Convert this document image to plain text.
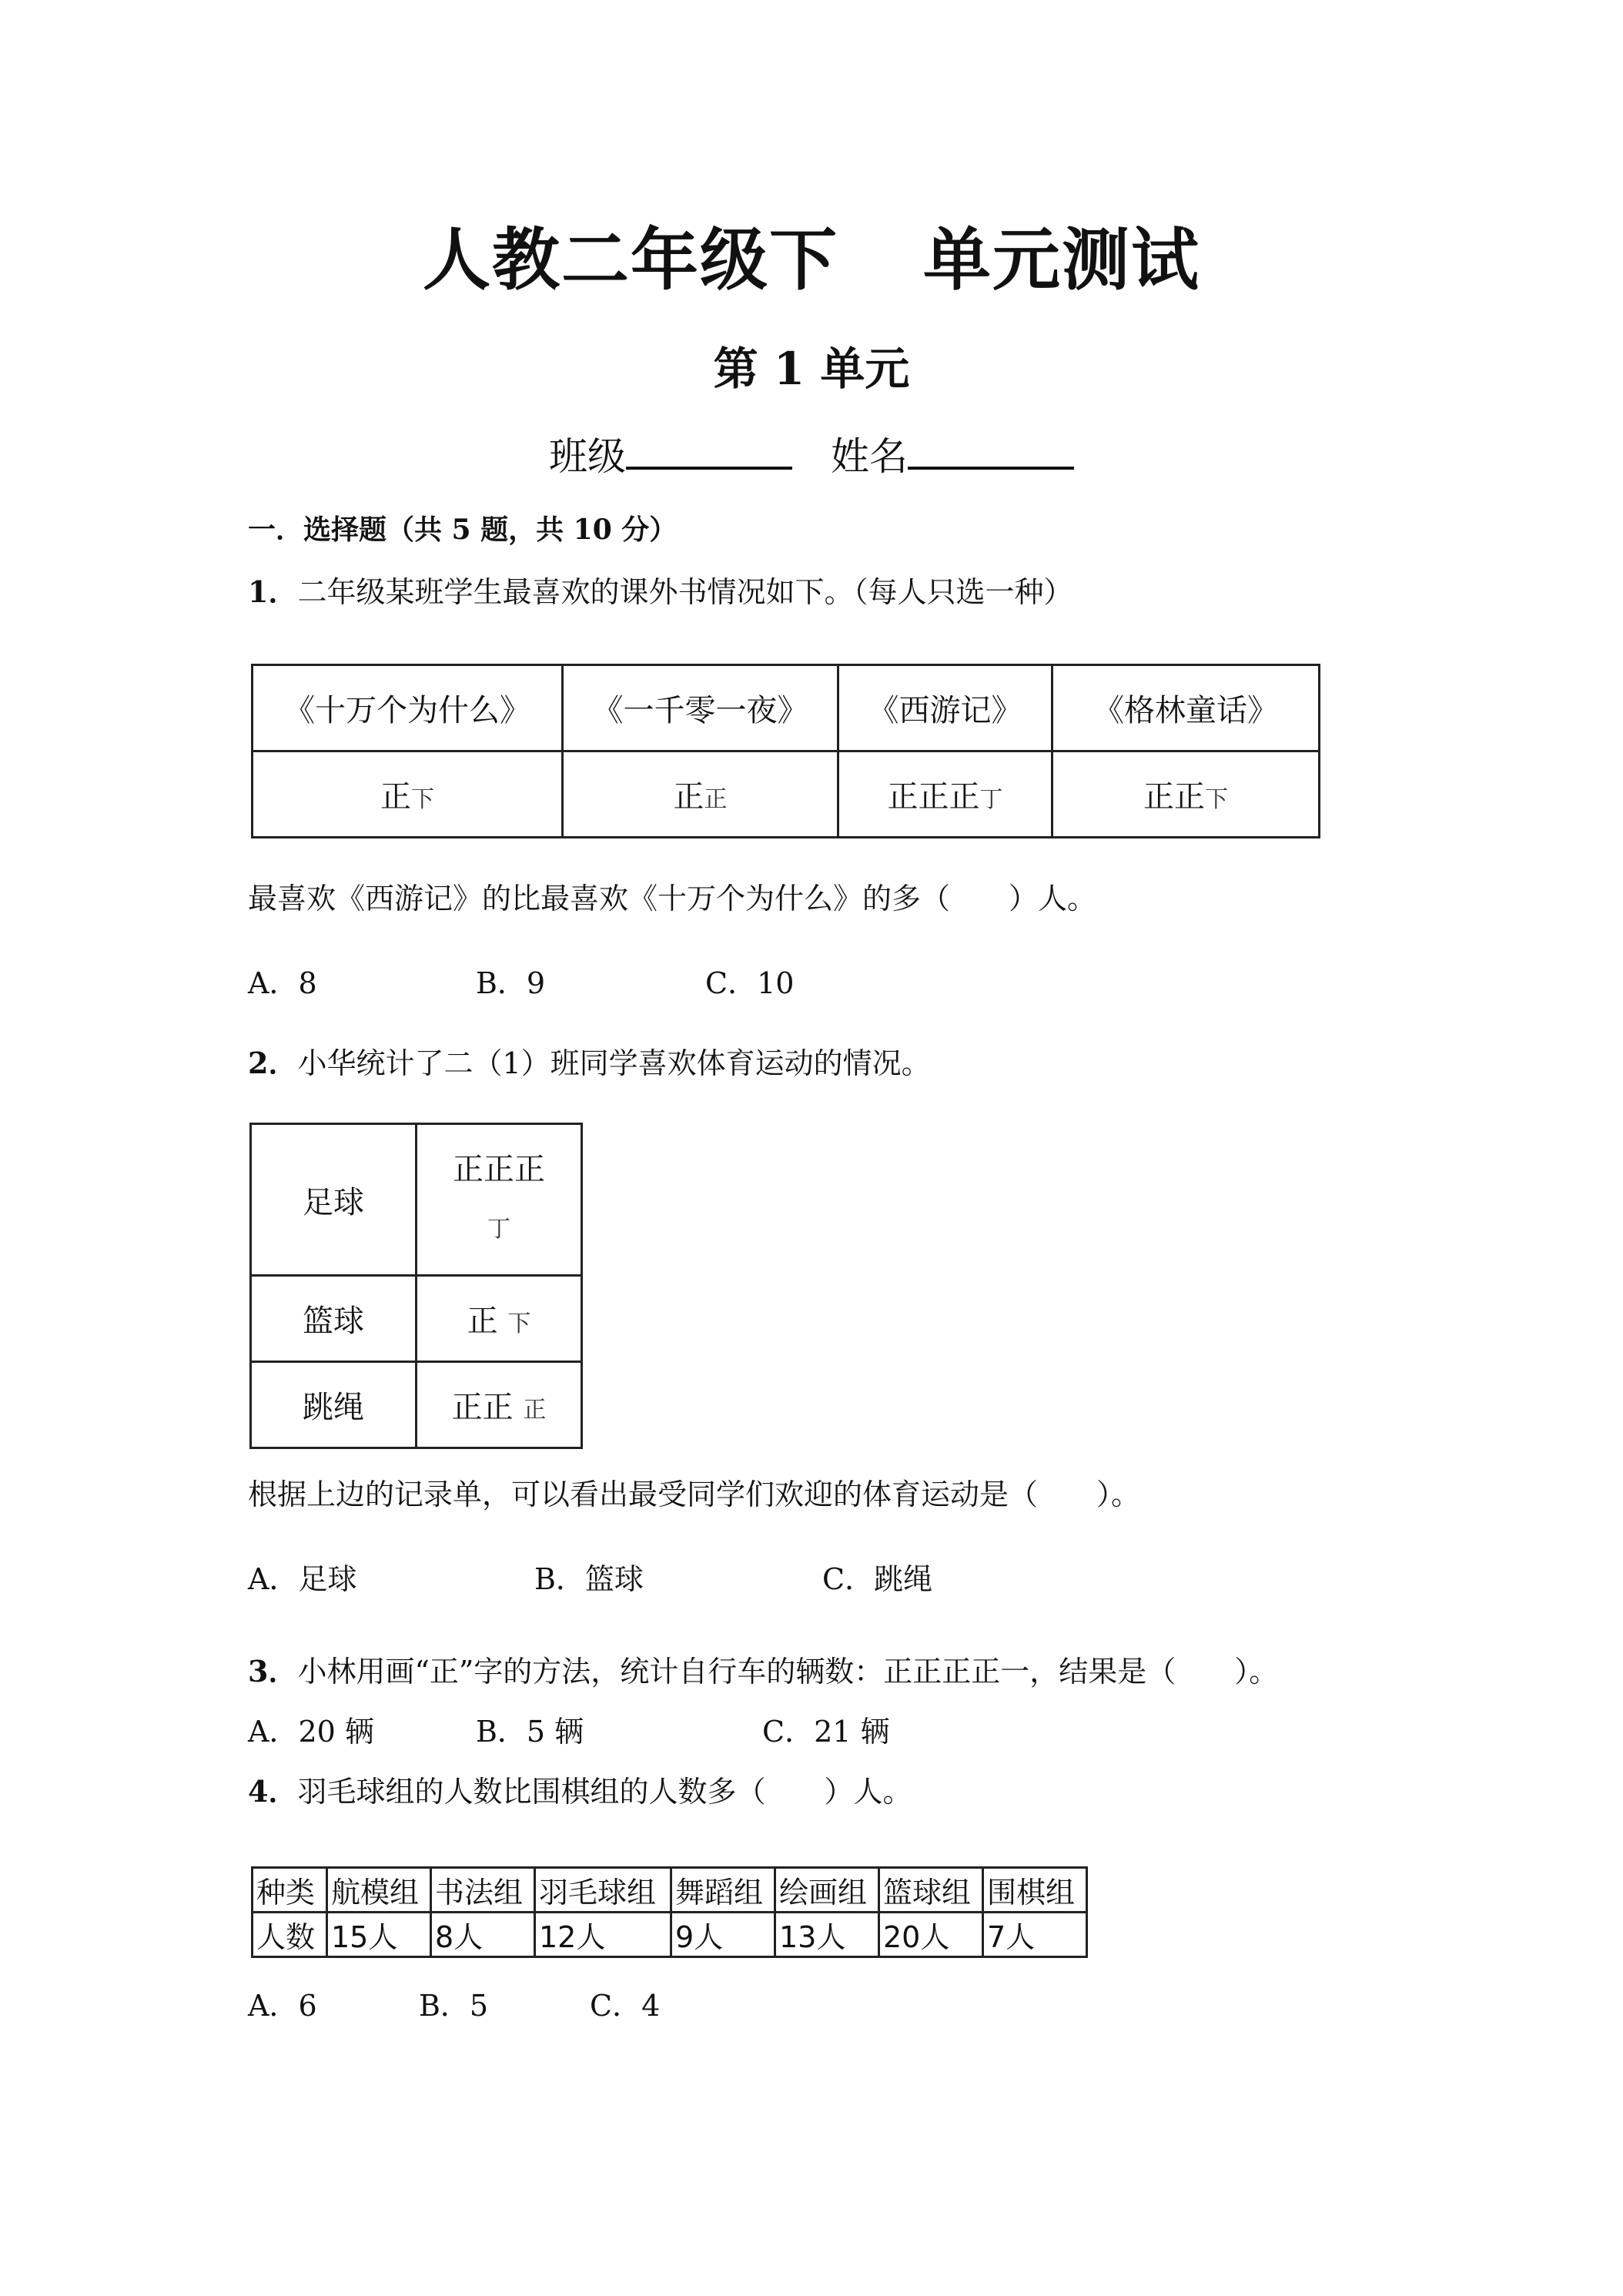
人教二年级下 单元测试
第 1 单元
班级	姓名
一．选择题（共 5 题，共 10 分）
1．二年级某班学生最喜欢的课外书情况如下。（每人只选一种）
《十万个为什么》	《一千零一夜》	《西游记》	《格林童话》
正下	正正	正正正丁	正正下
最喜欢《西游记》的比最喜欢《十万个为什么》的多（　　）人。
A．8	B．9	C．10
2．小华统计了二（1）班同学喜欢体育运动的情况。
足球	正正正
丁

篮球	正 下
跳绳	正正 正
根据上边的记录单，可以看出最受同学们欢迎的体育运动是（　　）。
A．足球	B．篮球	C．跳绳
3．小林用画“正”字的方法，统计自行车的辆数：正正正正一，结果是（　　）。
A．20 辆	B．5 辆	C．21 辆
4．羽毛球组的人数比围棋组的人数多（　　）人。
种类	航模组	书法组	羽毛球组	舞蹈组	绘画组	篮球组	围棋组
人数	15人	8人	12人	9人	13人	20人	7人
A．6	B．5	C．4
